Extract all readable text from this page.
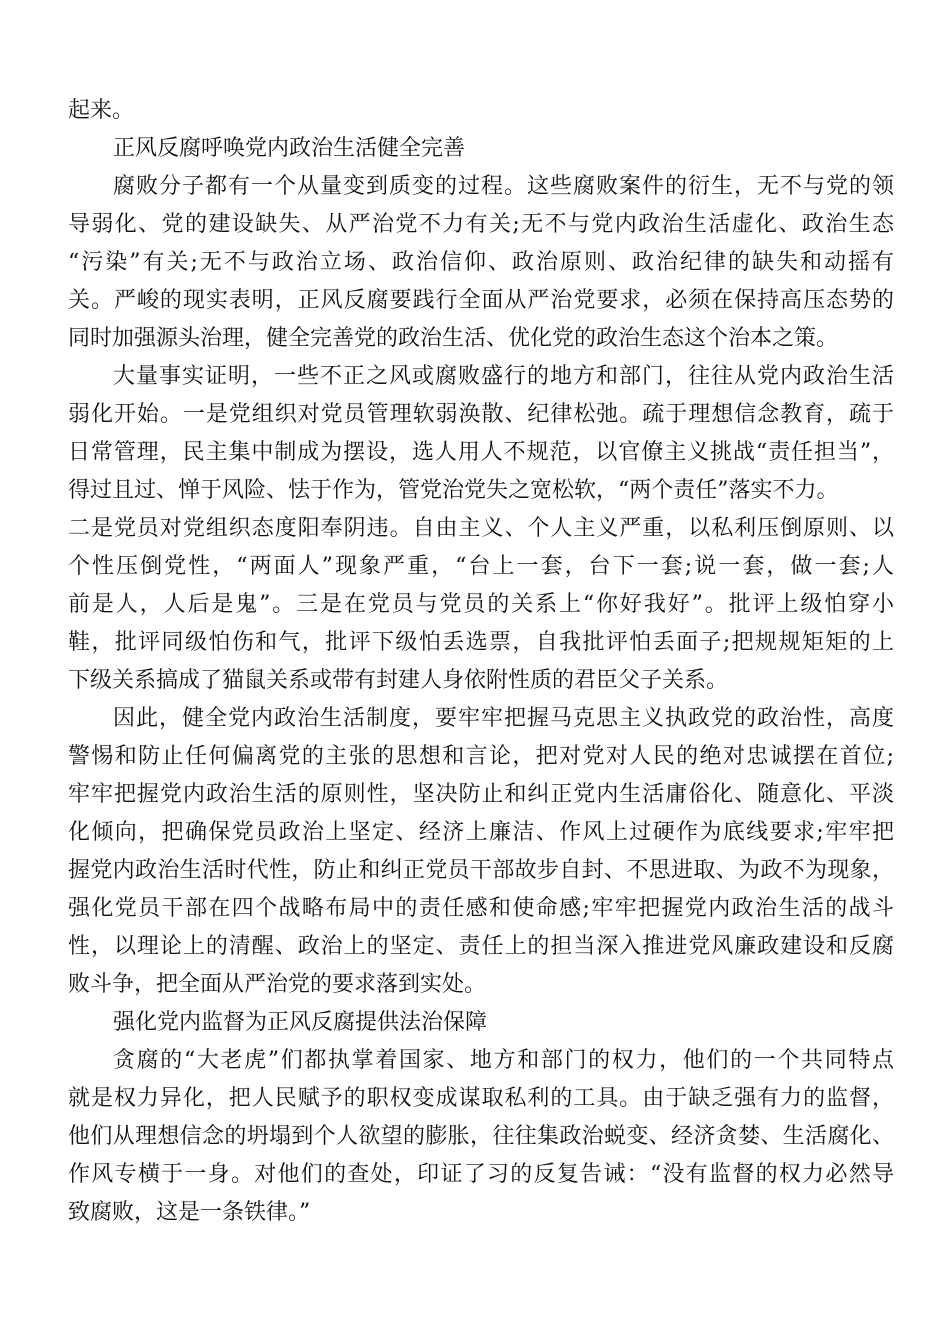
起来。
正风反腐呼唤党内政治生活健全完善
腐败分子都有一个从量变到质变的过程。这些腐败案件的衍生，无不与党的领
导弱化、党的建设缺失、从严治党不力有关;无不与党内政治生活虚化、政治生态
“污染”有关;无不与政治立场、政治信仰、政治原则、政治纪律的缺失和动摇有
关。严峻的现实表明，正风反腐要践行全面从严治党要求，必须在保持高压态势的
同时加强源头治理，健全完善党的政治生活、优化党的政治生态这个治本之策。
大量事实证明，一些不正之风或腐败盛行的地方和部门，往往从党内政治生活
弱化开始。一是党组织对党员管理软弱涣散、纪律松弛。疏于理想信念教育，疏于
日常管理，民主集中制成为摆设，选人用人不规范，以官僚主义挑战“责任担当”，
得过且过、惮于风险、怯于作为，管党治党失之宽松软，“两个责任”落实不力。
二是党员对党组织态度阳奉阴违。自由主义、个人主义严重，以私利压倒原则、以
个性压倒党性，“两面人”现象严重，“台上一套，台下一套;说一套，做一套;人
前是人，人后是鬼”。三是在党员与党员的关系上“你好我好”。批评上级怕穿小
鞋，批评同级怕伤和气，批评下级怕丢选票，自我批评怕丢面子;把规规矩矩的上
下级关系搞成了猫鼠关系或带有封建人身依附性质的君臣父子关系。
因此，健全党内政治生活制度，要牢牢把握马克思主义执政党的政治性，高度
警惕和防止任何偏离党的主张的思想和言论，把对党对人民的绝对忠诚摆在首位;
牢牢把握党内政治生活的原则性，坚决防止和纠正党内生活庸俗化、随意化、平淡
化倾向，把确保党员政治上坚定、经济上廉洁、作风上过硬作为底线要求;牢牢把
握党内政治生活时代性，防止和纠正党员干部故步自封、不思进取、为政不为现象，
强化党员干部在四个战略布局中的责任感和使命感;牢牢把握党内政治生活的战斗
性，以理论上的清醒、政治上的坚定、责任上的担当深入推进党风廉政建设和反腐
败斗争，把全面从严治党的要求落到实处。
强化党内监督为正风反腐提供法治保障
贪腐的“大老虎”们都执掌着国家、地方和部门的权力，他们的一个共同特点
就是权力异化，把人民赋予的职权变成谋取私利的工具。由于缺乏强有力的监督，
他们从理想信念的坍塌到个人欲望的膨胀，往往集政治蜕变、经济贪婪、生活腐化、
作风专横于一身。对他们的查处，印证了习的反复告诫：“没有监督的权力必然导
致腐败，这是一条铁律。”
